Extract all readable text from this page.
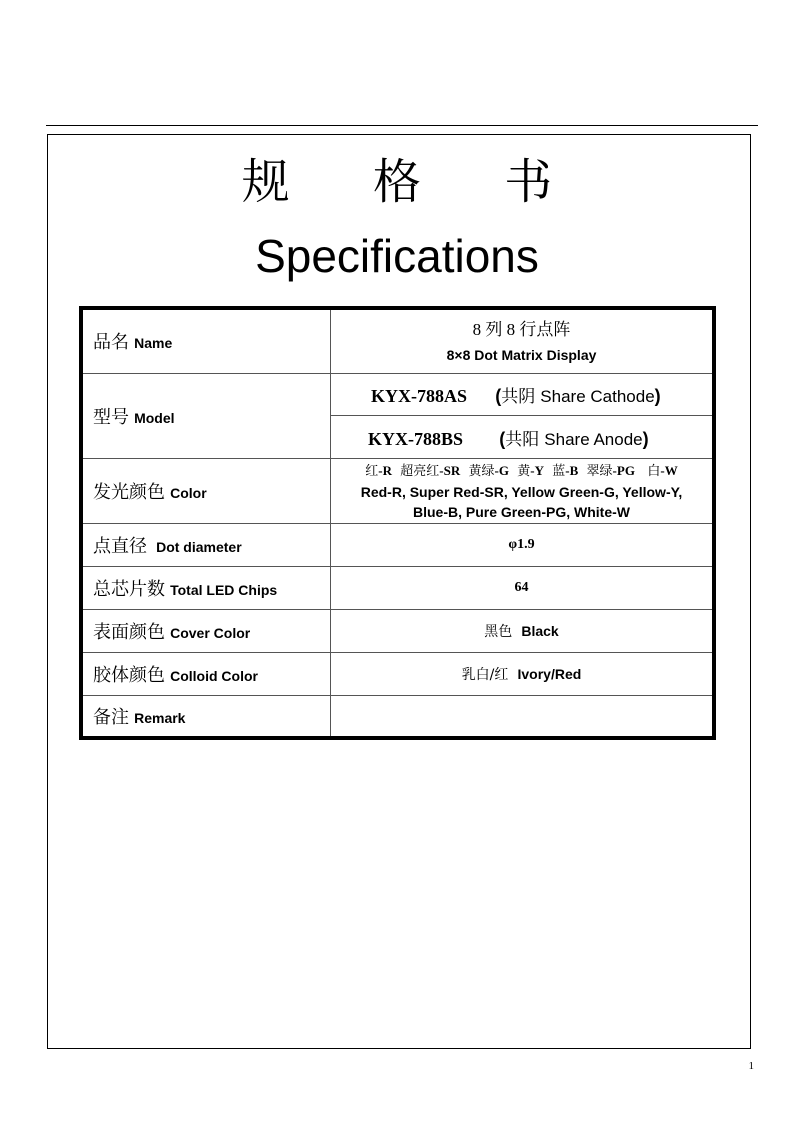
规 格 书
Specifications
品名 Name	8 列 8 行点阵
8×8 Dot Matrix Display

型号 Model	KYX-788AS (共阴 Share Cathode)
	KYX-788BS (共阳 Share Anode)
发光颜色 Color	红-R 超亮红-SR 黄绿-G 黄-Y 蓝-B 翠绿-PG 白-W
Red-R, Super Red-SR, Yellow Green-G, Yellow-Y,
Blue-B, Pure Green-PG, White-W

点直径 Dot diameter	φ1.9
总芯片数 Total LED Chips	64
表面颜色 Cover Color	黑色 Black
胶体颜色 Colloid Color	乳白/红 Ivory/Red
备注 Remark	
1
